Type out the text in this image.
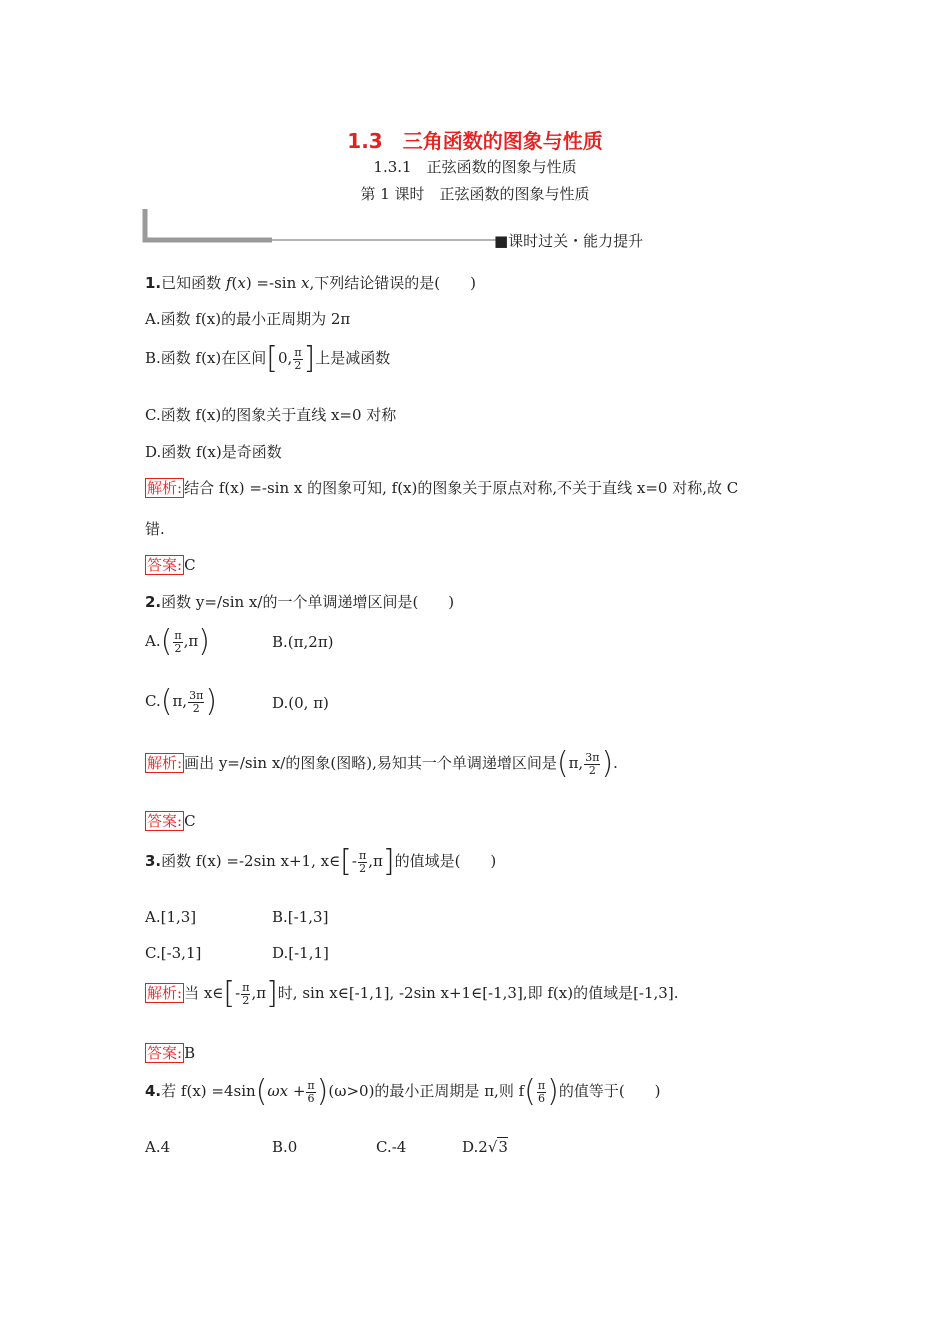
1.3　三角函数的图象与性质
1.3.1　正弦函数的图象与性质
第 1 课时　正弦函数的图象与性质
■课时过关・能力提升
1.已知函数 f(x) =-sin x,下列结论错误的是(　　)
A.函数 f(x)的最小正周期为 2π
B.函数 f(x)在区间[0, $\frac{\pi}{2}$ ]上是减函数
C.函数 f(x)的图象关于直线 x=0 对称
D.函数 f(x)是奇函数
解析: 结合 f(x) =-sin x 的图象可知, f(x)的图象关于原点对称,不关于直线 x=0 对称,故 C
错.
答案: C
2.函数 y=/sin x/的一个单调递增区间是(　　)
$A.( \frac{\pi}{2} ,\pi)$	B.(π,2π)
C.(π, $\frac{3\pi}{2}$ )	D.(0, π)
解析: 画出 y=/sin x/的图象(图略),易知其一个单调递增区间是(π, $\frac{3\pi}{2}$ ).
答案: C
3.函数 f(x) =-2sin x+1, x∈[- $\frac{\pi}{2} ,\pi$]的值域是(　　)
A.[1,3]	B.[-1,3]
C.[-3,1]	D.[-1,1]
解析: 当 x∈[- $\frac{\pi}{2} ,\pi$]时, sin x∈[-1,1], -2sin x+1∈[-1,3],即 f(x)的值域是[-1,3].
答案: B
4.若 $f(x) =4\sin(\omega x + \frac{\pi}{6} )(\omega>0)$的最小正周期是 π,则 $f( \frac{\pi}{6}$ )的值等于(　　)
A.4	B.0	C.-4	D.2√3
